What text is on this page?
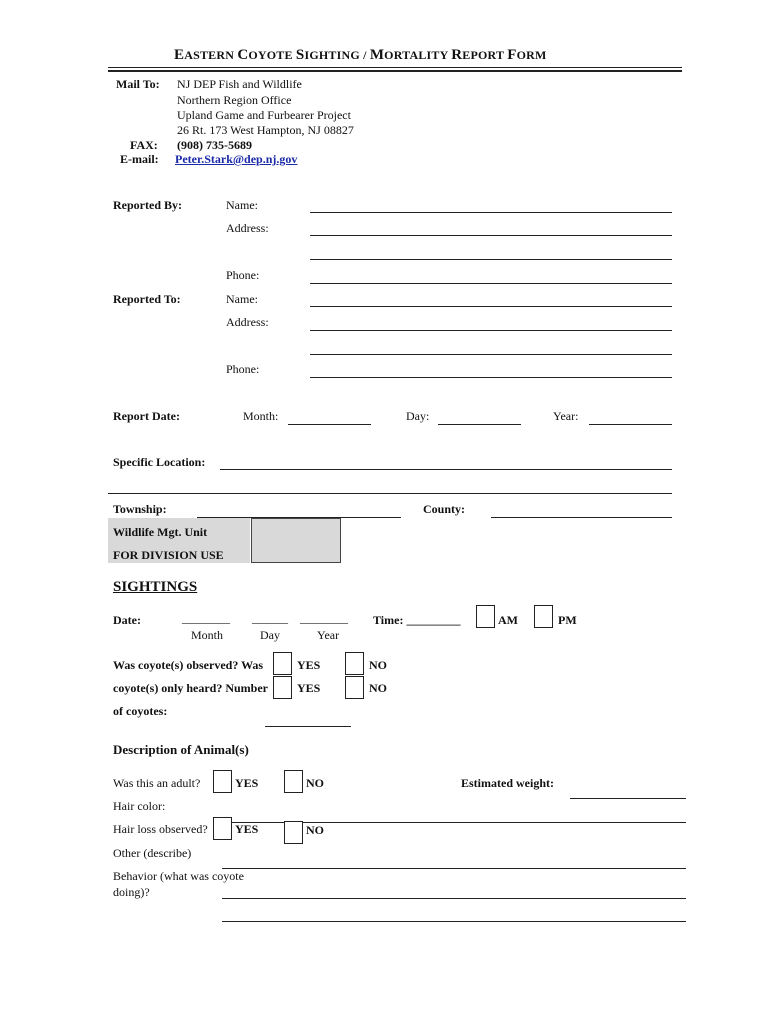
EASTERN COYOTE SIGHTING / MORTALITY REPORT FORM
Mail To: NJ DEP Fish and Wildlife
Northern Region Office
Upland Game and Furbearer Project
26 Rt. 173 West Hampton, NJ 08827
FAX: (908) 735-5689
E-mail: Peter.Stark@dep.nj.gov
Reported By:	Name:
Address:
Phone:
Reported To:	Name:
Address:
Phone:
Report Date:	Month:	Day:	Year:
Specific Location:
Township:	County:
Wildlife Mgt. Unit
FOR DIVISION USE
SIGHTINGS
Date:	________ ______ ________
Month	Day	Year
Time: _________	AM	PM
Was coyote(s) observed? Was	YES	NO
coyote(s) only heard? Number YES	NO
of coyotes:
Description of Animal(s)
Was this an adult?	YES	NO	Estimated weight:
Hair color:
Hair loss observed? YES	NO
Other (describe)
Behavior (what was coyote
doing)?
